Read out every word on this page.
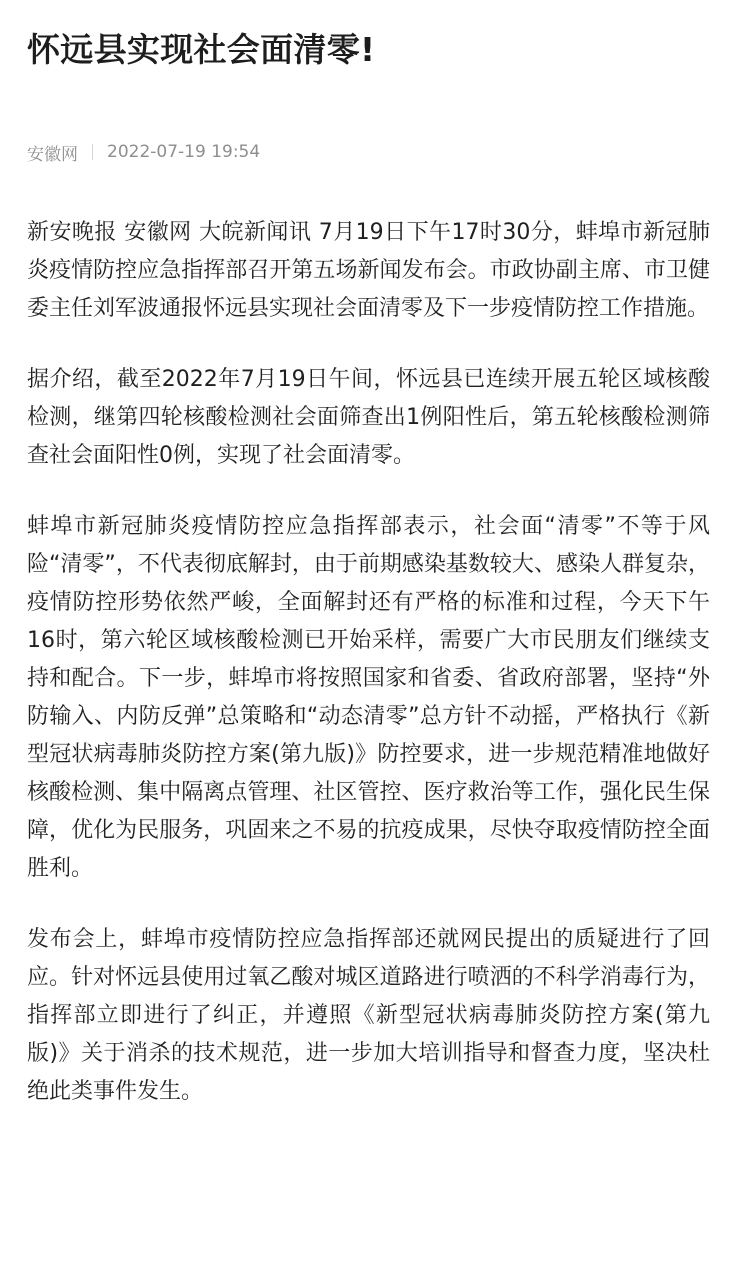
怀远县实现社会面清零!
安徽网 2022-07-19 19:54

新安晚报 安徽网 大皖新闻讯 7月19日下午17时30分，蚌埠市新冠肺炎疫情防控应急指挥部召开第五场新闻发布会。市政协副主席、市卫健委主任刘军波通报怀远县实现社会面清零及下一步疫情防控工作措施。

据介绍，截至2022年7月19日午间，怀远县已连续开展五轮区域核酸检测，继第四轮核酸检测社会面筛查出1例阳性后，第五轮核酸检测筛查社会面阳性0例，实现了社会面清零。

蚌埠市新冠肺炎疫情防控应急指挥部表示，社会面“清零”不等于风险“清零”，不代表彻底解封，由于前期感染基数较大、感染人群复杂，疫情防控形势依然严峻，全面解封还有严格的标准和过程，今天下午16时，第六轮区域核酸检测已开始采样，需要广大市民朋友们继续支持和配合。下一步，蚌埠市将按照国家和省委、省政府部署，坚持“外防输入、内防反弹”总策略和“动态清零”总方针不动摇，严格执行《新型冠状病毒肺炎防控方案(第九版)》防控要求，进一步规范精准地做好核酸检测、集中隔离点管理、社区管控、医疗救治等工作，强化民生保障，优化为民服务，巩固来之不易的抗疫成果，尽快夺取疫情防控全面胜利。

发布会上，蚌埠市疫情防控应急指挥部还就网民提出的质疑进行了回应。针对怀远县使用过氧乙酸对城区道路进行喷洒的不科学消毒行为，指挥部立即进行了纠正，并遵照《新型冠状病毒肺炎防控方案(第九版)》关于消杀的技术规范，进一步加大培训指导和督查力度，坚决杜绝此类事件发生。
